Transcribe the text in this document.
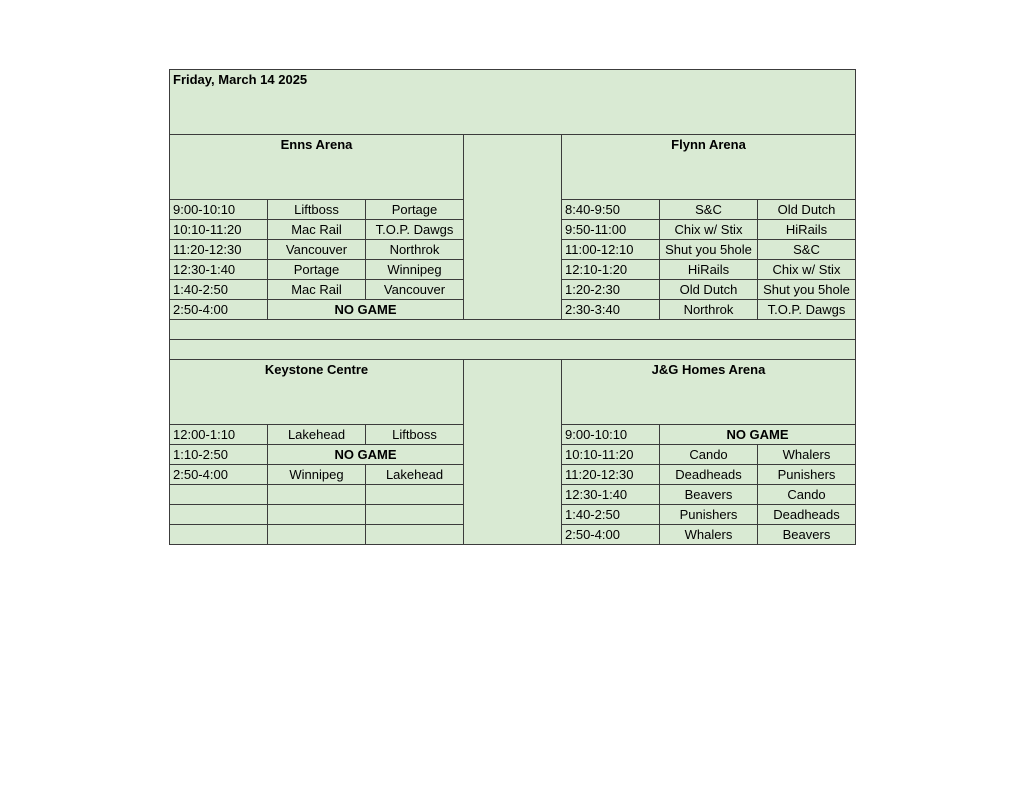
Friday, March 14 2025						
Enns Arena				Flynn Arena		
9:00-10:10	Liftboss	Portage		8:40-9:50	S&C	Old Dutch
10:10-11:20	Mac Rail	T.O.P. Dawgs		9:50-11:00	Chix w/ Stix	HiRails
11:20-12:30	Vancouver	Northrok		11:00-12:10	Shut you 5hole	S&C
12:30-1:40	Portage	Winnipeg		12:10-1:20	HiRails	Chix w/ Stix
1:40-2:50	Mac Rail	Vancouver		1:20-2:30	Old Dutch	Shut you 5hole
2:50-4:00	NO GAME			2:30-3:40	Northrok	T.O.P. Dawgs

Keystone Centre				J&G Homes Arena		
12:00-1:10	Lakehead	Liftboss		9:00-10:10	NO GAME	
1:10-2:50	NO GAME			10:10-11:20	Cando	Whalers
2:50-4:00	Winnipeg	Lakehead		11:20-12:30	Deadheads	Punishers
				12:30-1:40	Beavers	Cando
				1:40-2:50	Punishers	Deadheads
				2:50-4:00	Whalers	Beavers
